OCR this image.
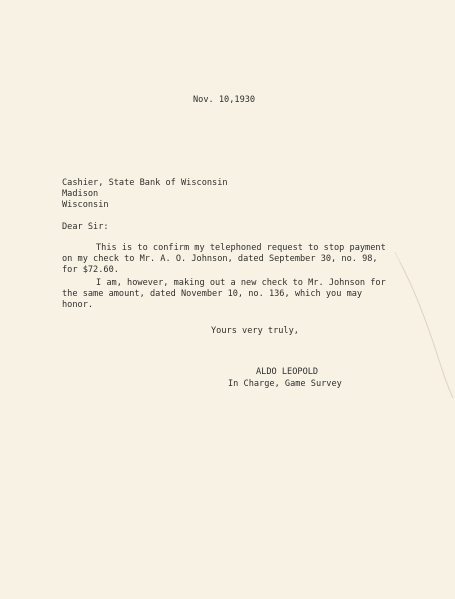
Nov. 10,1930
Cashier, State Bank of Wisconsin
Madison
Wisconsin
Dear Sir:
This is to confirm my telephoned request to stop payment
on my check to Mr. A. O. Johnson, dated September 30, no. 98,
for $72.60.
I am, however, making out a new check to Mr. Johnson for
the same amount, dated November 10, no. 136, which you may
honor.
Yours very truly,
ALDO LEOPOLD
In Charge, Game Survey
